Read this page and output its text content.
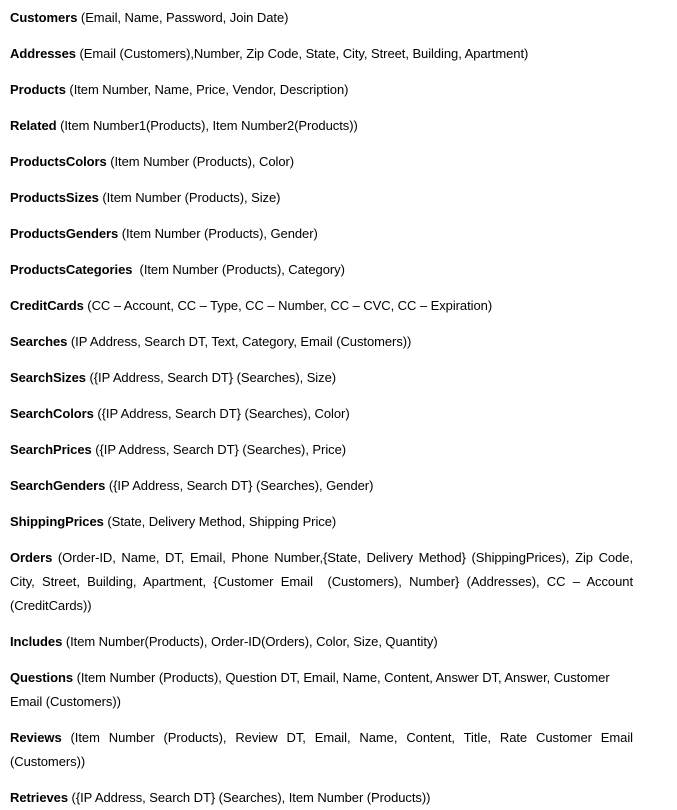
Customers (Email, Name, Password, Join Date)

Addresses (Email (Customers),Number, Zip Code, State, City, Street, Building, Apartment)

Products (Item Number, Name, Price, Vendor, Description)

Related (Item Number1(Products), Item Number2(Products))

ProductsColors (Item Number (Products), Color)

ProductsSizes (Item Number (Products), Size)

ProductsGenders (Item Number (Products), Gender)

ProductsCategories  (Item Number (Products), Category)

CreditCards (CC – Account, CC – Type, CC – Number, CC – CVC, CC – Expiration)

Searches (IP Address, Search DT, Text, Category, Email (Customers))

SearchSizes ({IP Address, Search DT} (Searches), Size)

SearchColors ({IP Address, Search DT} (Searches), Color)

SearchPrices ({IP Address, Search DT} (Searches), Price)

SearchGenders ({IP Address, Search DT} (Searches), Gender)

ShippingPrices (State, Delivery Method, Shipping Price)

Orders (Order-ID, Name, DT, Email, Phone Number,{State, Delivery Method} (ShippingPrices), Zip Code, City, Street, Building, Apartment, {Customer Email  (Customers), Number} (Addresses), CC – Account (CreditCards))

Includes (Item Number(Products), Order-ID(Orders), Color, Size, Quantity)

Questions (Item Number (Products), Question DT, Email, Name, Content, Answer DT, Answer, Customer Email (Customers))

Reviews (Item Number (Products), Review DT, Email, Name, Content, Title, Rate Customer Email (Customers))

Retrieves ({IP Address, Search DT} (Searches), Item Number (Products))
